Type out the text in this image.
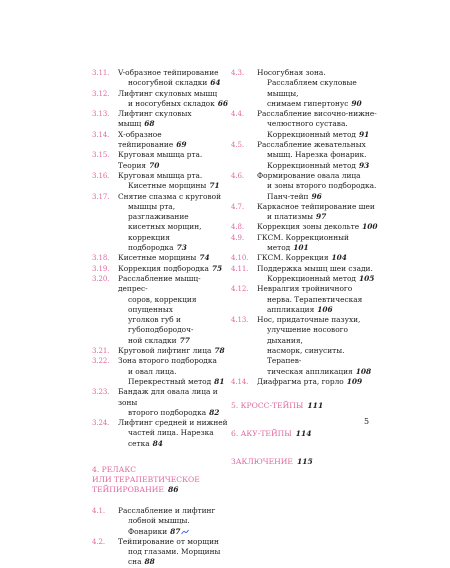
3.11. V-образное тейпирование
носогубной складки 64
3.12. Лифтинг скуловых мышц
и носогубных складок 66
3.13. Лифтинг скуловых мышц 68
3.14. Х-образное тейпирование 69
3.15. Круговая мышца рта. Теория 70
3.16. Круговая мышца рта.
Кисетные морщины 71
3.17. Снятие спазма с круговой
мышцы рта, разглаживание
кисетных морщин,
коррекция подбородка 73
3.18. Кисетные морщины 74
3.19. Коррекция подбородка 75
3.20. Расслабление мышц-депрес-
соров, коррекция опущенных
уголков губ и губоподбородоч-
ной складки 77
3.21. Круговой лифтинг лица 78
3.22. Зона второго подбородка
и овал лица.
Перекрестный метод 81
3.23. Бандаж для овала лица и зоны
второго подбородка 82
3.24. Лифтинг средней и нижней
частей лица. Нарезка сетка 84
4. РЕЛАКС
ИЛИ ТЕРАПЕВТИЧЕСКОЕ
ТЕЙПИРОВАНИЕ 86
4.1. Расслабление и лифтинг
лобной мышцы. Фонарики 87
4.2. Тейпирование от морщин
под глазами. Морщины сна 88
4.3. Носогубная зона.
Расслабляем скуловые мышцы,
снимаем гипертонус 90
4.4. Расслабление височно-нижне-
челюстного сустава.
Коррекционный метод 91
4.5. Расслабление жевательных
мышц. Нарезка фонарик.
Коррекционный метод 93
4.6. Формирование овала лица
и зоны второго подбородка.
Панч-тейп 96
4.7. Каркасное тейпирование шеи
и платизмы 97
4.8. Коррекция зоны декольте 100
4.9. ГКСМ. Коррекционный
метод 101
4.10. ГКСМ. Коррекция 104
4.11. Поддержка мышц шеи сзади.
Коррекционный метод 105
4.12. Невралгия тройничного
нерва. Терапевтическая
аппликация 106
4.13. Нос, придаточные пазухи,
улучшение носового дыхания,
насморк, синуситы. Терапев-
тическая аппликация 108
4.14. Диафрагма рта, горло 109
5. КРОСС-ТЕЙПЫ 111
6. АКУ-ТЕЙПЫ 114
ЗАКЛЮЧЕНИЕ 115
5
